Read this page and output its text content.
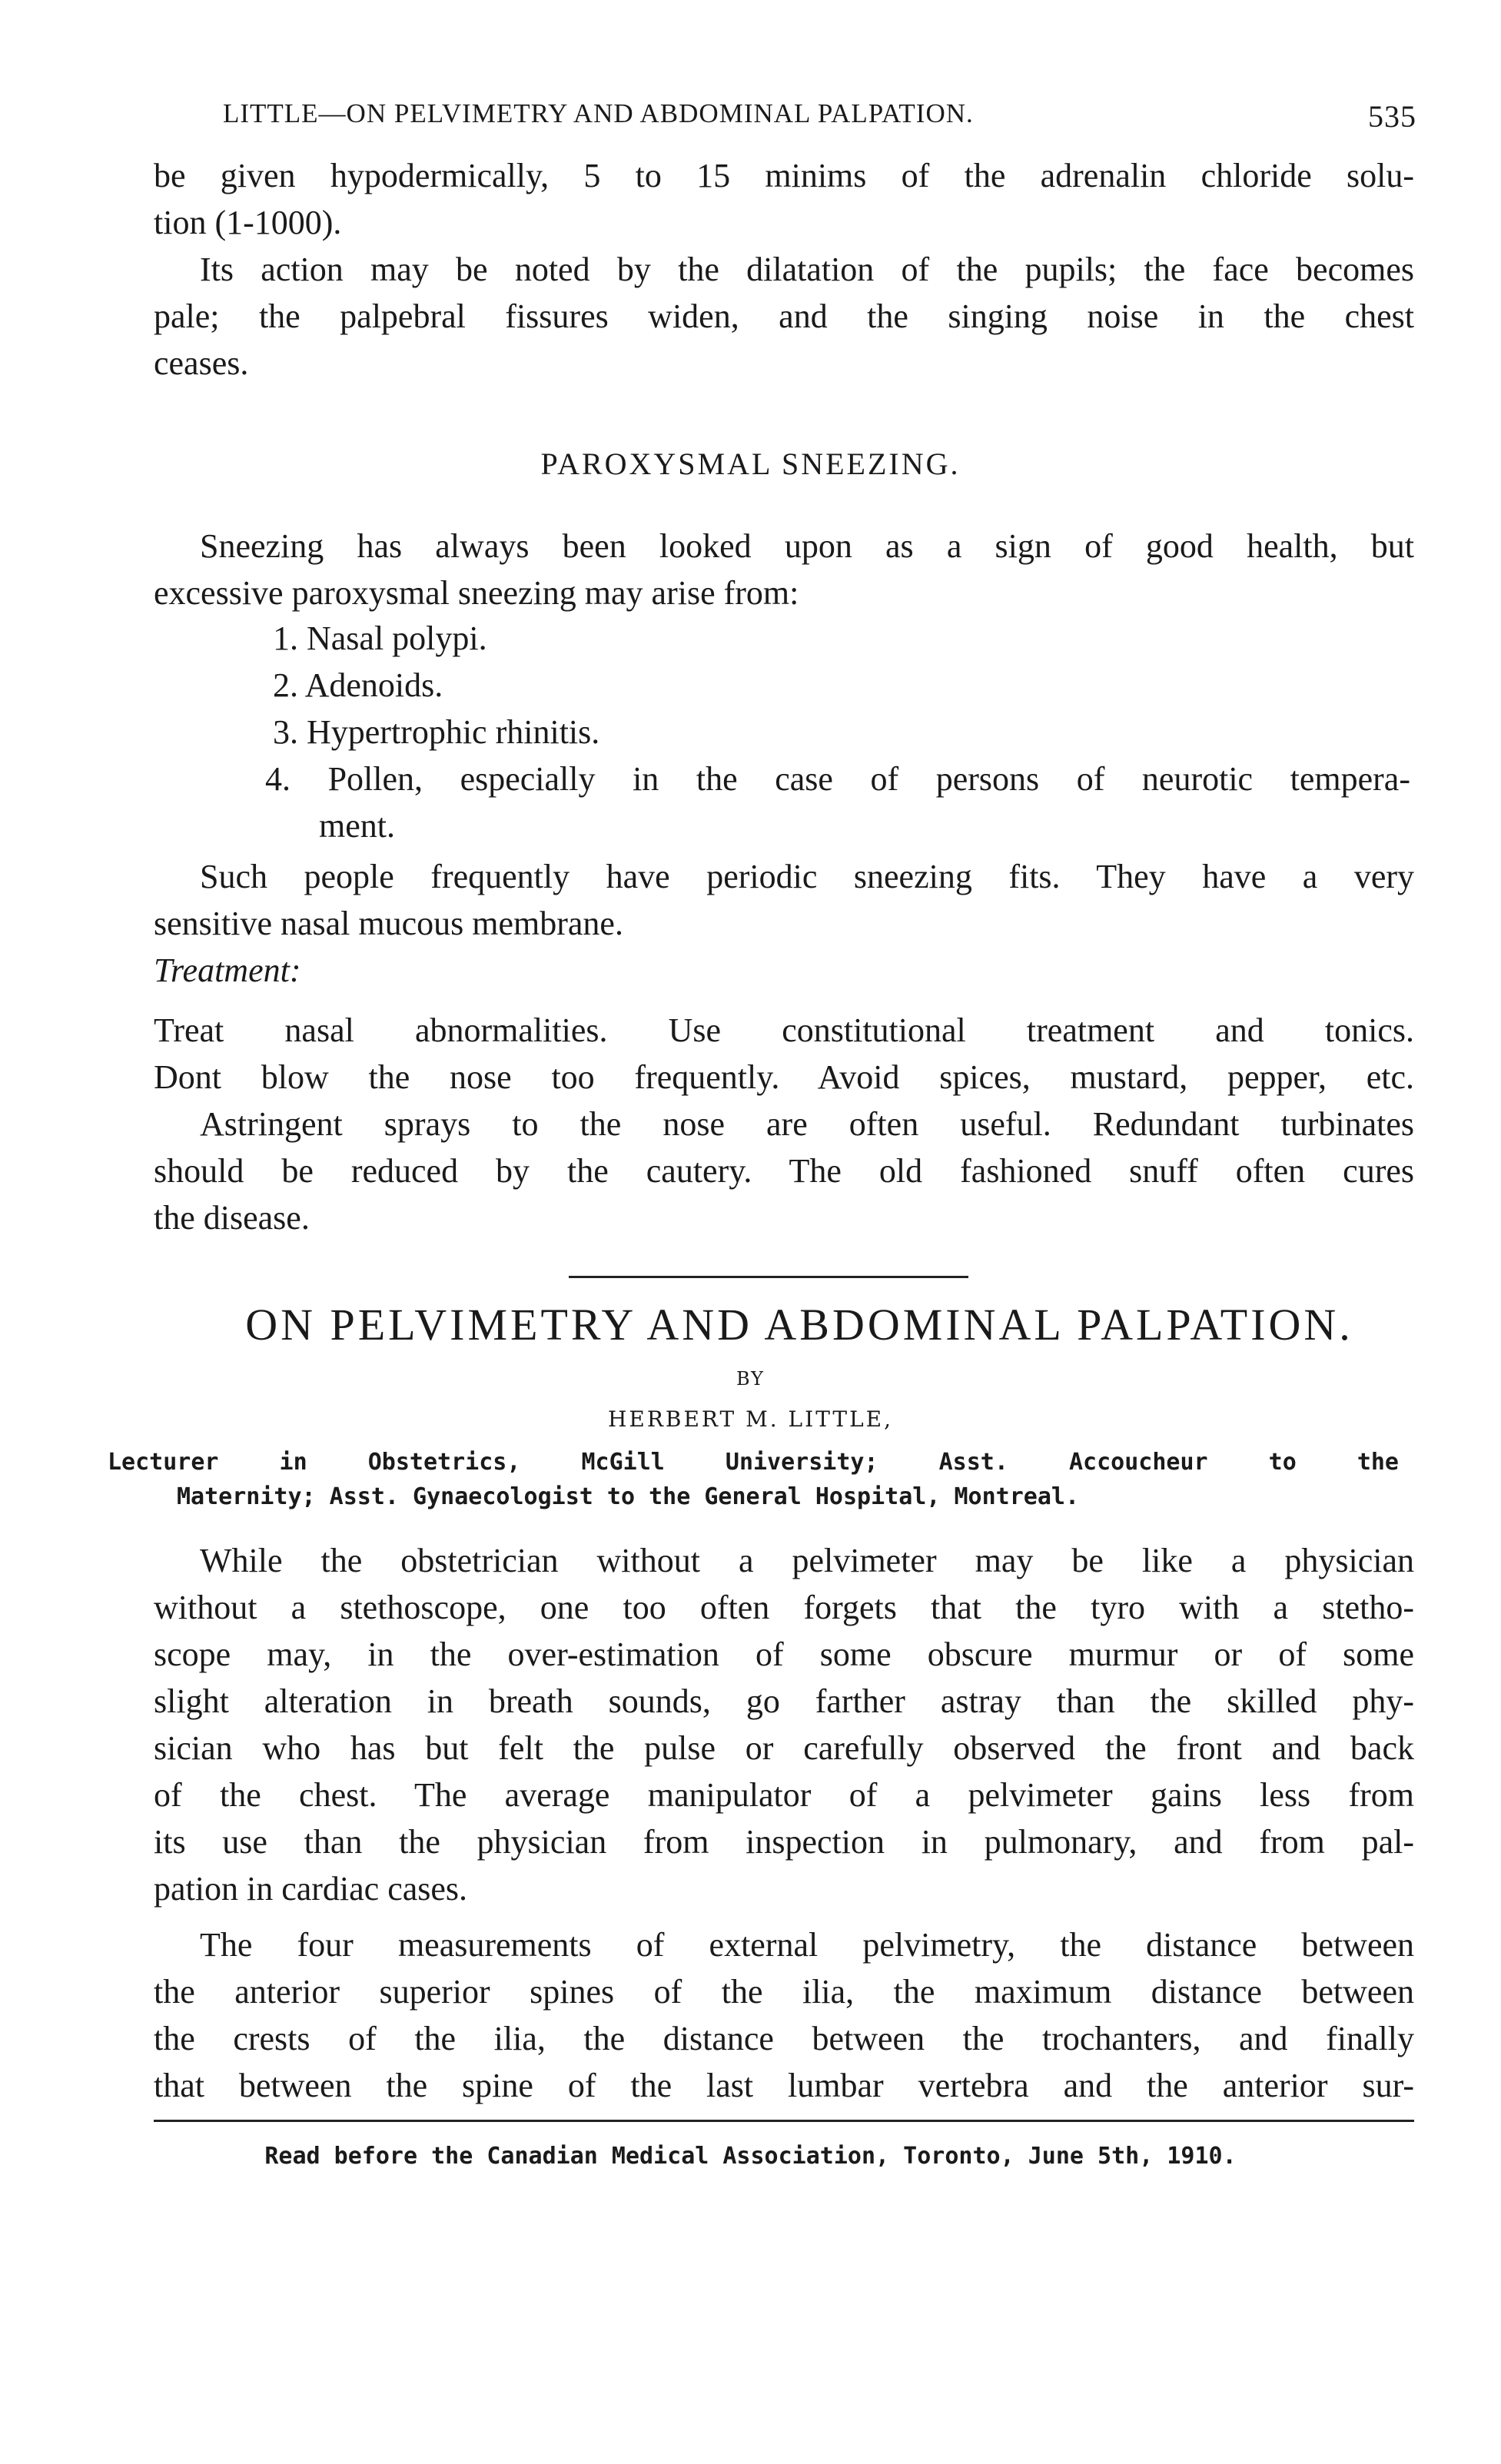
LITTLE—ON PELVIMETRY AND ABDOMINAL PALPATION.	535
be given hypodermically, 5 to 15 minims of the adrenalin chloride solu-
tion (1-1000).
Its action may be noted by the dilatation of the pupils; the face becomes
pale; the palpebral fissures widen, and the singing noise in the chest
ceases.
PAROXYSMAL SNEEZING.
Sneezing has always been looked upon as a sign of good health, but
excessive paroxysmal sneezing may arise from:
1. Nasal polypi.
2. Adenoids.
3. Hypertrophic rhinitis.
4. Pollen, especially in the case of persons of neurotic tempera-
ment.
Such people frequently have periodic sneezing fits. They have a very
sensitive nasal mucous membrane.
Treatment:
Treat nasal abnormalities. Use constitutional treatment and tonics.
Dont blow the nose too frequently. Avoid spices, mustard, pepper, etc.
Astringent sprays to the nose are often useful. Redundant turbinates
should be reduced by the cautery. The old fashioned snuff often cures
the disease.
ON PELVIMETRY AND ABDOMINAL PALPATION.
BY
HERBERT M. LITTLE,
Lecturer in Obstetrics, McGill University; Asst. Accoucheur to the
Maternity; Asst. Gynaecologist to the General Hospital, Montreal.
While the obstetrician without a pelvimeter may be like a physician
without a stethoscope, one too often forgets that the tyro with a stetho-
scope may, in the over-estimation of some obscure murmur or of some
slight alteration in breath sounds, go farther astray than the skilled phy-
sician who has but felt the pulse or carefully observed the front and back
of the chest. The average manipulator of a pelvimeter gains less from
its use than the physician from inspection in pulmonary, and from pal-
pation in cardiac cases.
The four measurements of external pelvimetry, the distance between
the anterior superior spines of the ilia, the maximum distance between
the crests of the ilia, the distance between the trochanters, and finally
that between the spine of the last lumbar vertebra and the anterior sur-
Read before the Canadian Medical Association, Toronto, June 5th, 1910.
